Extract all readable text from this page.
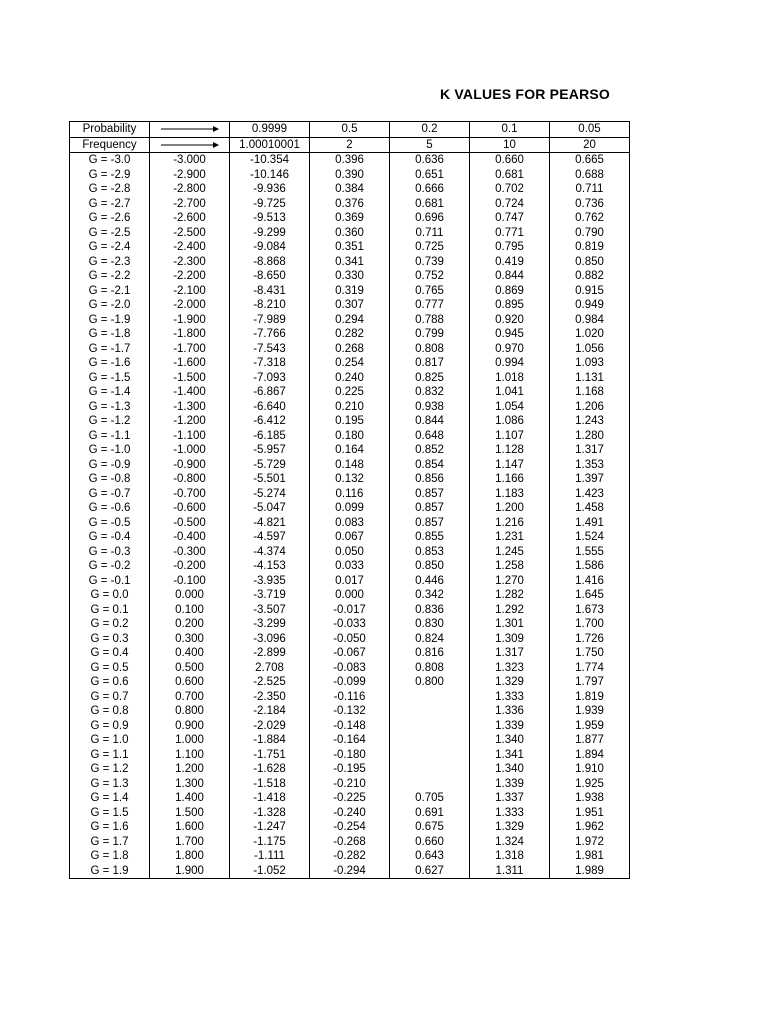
K VALUES FOR PEARSO
Probability		0.9999	0.5	0.2	0.1	0.05
Frequency		1.00010001	2	5	10	20
G = -3.0	-3.000	-10.354	0.396	0.636	0.660	0.665
G = -2.9	-2.900	-10.146	0.390	0.651	0.681	0.688
G = -2.8	-2.800	-9.936	0.384	0.666	0.702	0.711
G = -2.7	-2.700	-9.725	0.376	0.681	0.724	0.736
G = -2.6	-2.600	-9.513	0.369	0.696	0.747	0.762
G = -2.5	-2.500	-9.299	0.360	0.711	0.771	0.790
G = -2.4	-2.400	-9.084	0.351	0.725	0.795	0.819
G = -2.3	-2.300	-8.868	0.341	0.739	0.419	0.850
G = -2.2	-2.200	-8.650	0.330	0.752	0.844	0.882
G = -2.1	-2.100	-8.431	0.319	0.765	0.869	0.915
G = -2.0	-2.000	-8.210	0.307	0.777	0.895	0.949
G = -1.9	-1.900	-7.989	0.294	0.788	0.920	0.984
G = -1.8	-1.800	-7.766	0.282	0.799	0.945	1.020
G = -1.7	-1.700	-7.543	0.268	0.808	0.970	1.056
G = -1.6	-1.600	-7.318	0.254	0.817	0.994	1.093
G = -1.5	-1.500	-7.093	0.240	0.825	1.018	1.131
G = -1.4	-1.400	-6.867	0.225	0.832	1.041	1.168
G = -1.3	-1.300	-6.640	0.210	0.938	1.054	1.206
G = -1.2	-1.200	-6.412	0.195	0.844	1.086	1.243
G = -1.1	-1.100	-6.185	0.180	0.648	1.107	1.280
G = -1.0	-1.000	-5.957	0.164	0.852	1.128	1.317
G = -0.9	-0.900	-5.729	0.148	0.854	1.147	1.353
G = -0.8	-0.800	-5.501	0.132	0.856	1.166	1.397
G = -0.7	-0.700	-5.274	0.116	0.857	1.183	1.423
G = -0.6	-0.600	-5.047	0.099	0.857	1.200	1.458
G = -0.5	-0.500	-4.821	0.083	0.857	1.216	1.491
G = -0.4	-0.400	-4.597	0.067	0.855	1.231	1.524
G = -0.3	-0.300	-4.374	0.050	0.853	1.245	1.555
G = -0.2	-0.200	-4.153	0.033	0.850	1.258	1.586
G = -0.1	-0.100	-3.935	0.017	0.446	1.270	1.416
G = 0.0	0.000	-3.719	0.000	0.342	1.282	1.645
G = 0.1	0.100	-3.507	-0.017	0.836	1.292	1.673
G = 0.2	0.200	-3.299	-0.033	0.830	1.301	1.700
G = 0.3	0.300	-3.096	-0.050	0.824	1.309	1.726
G = 0.4	0.400	-2.899	-0.067	0.816	1.317	1.750
G = 0.5	0.500	2.708	-0.083	0.808	1.323	1.774
G = 0.6	0.600	-2.525	-0.099	0.800	1.329	1.797
G = 0.7	0.700	-2.350	-0.116		1.333	1.819
G = 0.8	0.800	-2.184	-0.132		1.336	1.939
G = 0.9	0.900	-2.029	-0.148		1.339	1.959
G = 1.0	1.000	-1.884	-0.164		1.340	1.877
G = 1.1	1.100	-1.751	-0.180		1.341	1.894
G = 1.2	1.200	-1.628	-0.195		1.340	1.910
G = 1.3	1.300	-1.518	-0.210		1.339	1.925
G = 1.4	1.400	-1.418	-0.225	0.705	1.337	1.938
G = 1.5	1.500	-1.328	-0.240	0.691	1.333	1.951
G = 1.6	1.600	-1.247	-0.254	0.675	1.329	1.962
G = 1.7	1.700	-1.175	-0.268	0.660	1.324	1.972
G = 1.8	1.800	-1.111	-0.282	0.643	1.318	1.981
G = 1.9	1.900	-1.052	-0.294	0.627	1.311	1.989
